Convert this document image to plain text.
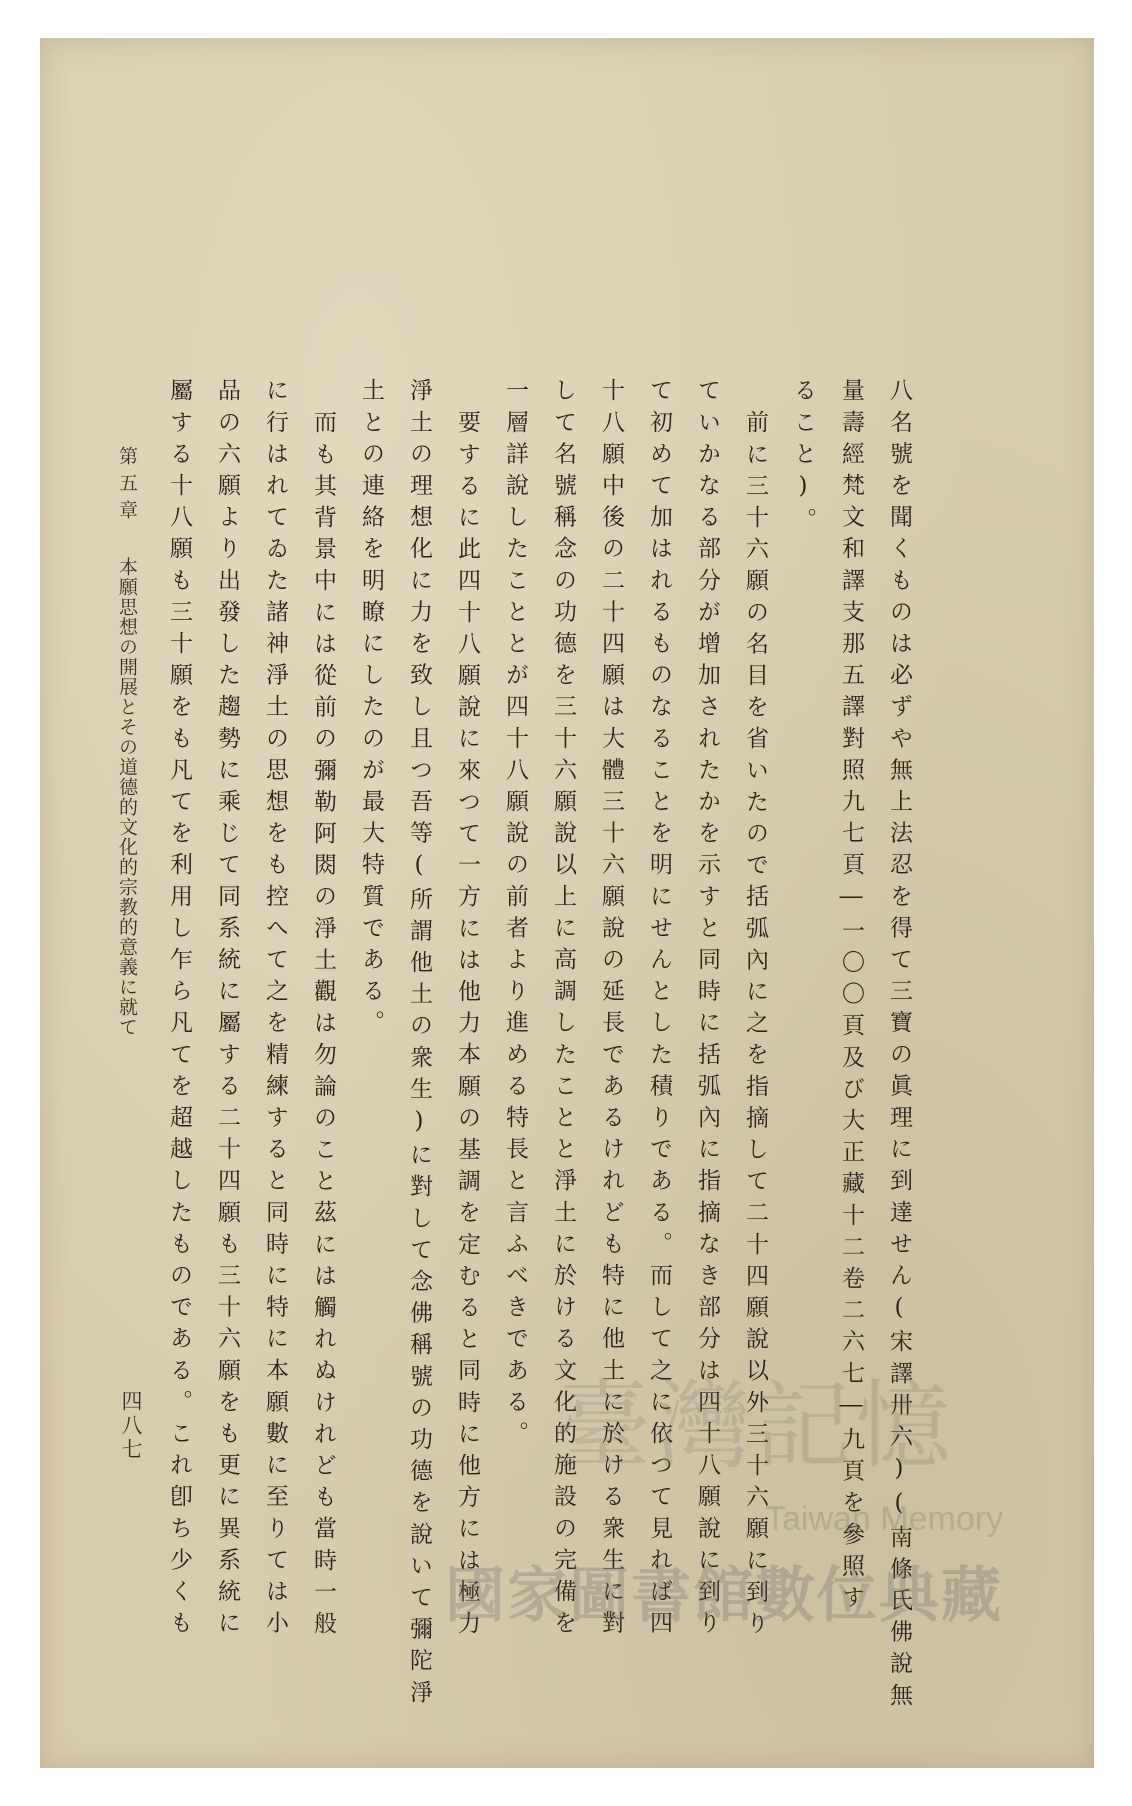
八名號を聞くものは必ずや無上法忍を得て三寶の眞理に到達せん(宋譯卅六)(南條氏佛說無
量壽經梵文和譯支那五譯對照九七頁―一〇〇頁及び大正藏十二卷二六七―九頁を參照す
ること)。
前に三十六願の名目を省いたので括弧內に之を指摘して二十四願說以外三十六願に到り
ていかなる部分が增加されたかを示すと同時に括弧內に指摘なき部分は四十八願說に到り
て初めて加はれるものなることを明にせんとした積りである。而して之に依つて見れば四
十八願中後の二十四願は大體三十六願說の延長であるけれども特に他土に於ける衆生に對
して名號稱念の功德を三十六願說以上に高調したことと淨土に於ける文化的施設の完備を
一層詳說したこととが四十八願說の前者より進める特長と言ふべきである。
要するに此四十八願說に來つて一方には他力本願の基調を定むると同時に他方には極力
淨土の理想化に力を致し且つ吾等(所謂他土の衆生)に對して念佛稱號の功德を說いて彌陀淨
土との連絡を明瞭にしたのが最大特質である。
而も其背景中には從前の彌勒阿閦の淨土觀は勿論のこと茲には觸れぬけれども當時一般
に行はれてゐた諸神淨土の思想をも控へて之を精練すると同時に特に本願數に至りては小
品の六願より出發した趨勢に乘じて同系統に屬する二十四願も三十六願をも更に異系統に
屬する十八願も三十願をも凡てを利用し乍ら凡てを超越したものである。これ卽ち少くも
第五章本願思想の開展とその道德的文化的宗教的意義に就て
四八七	臺灣記憶
Taiwan Memory
國家圖書館數位典藏
